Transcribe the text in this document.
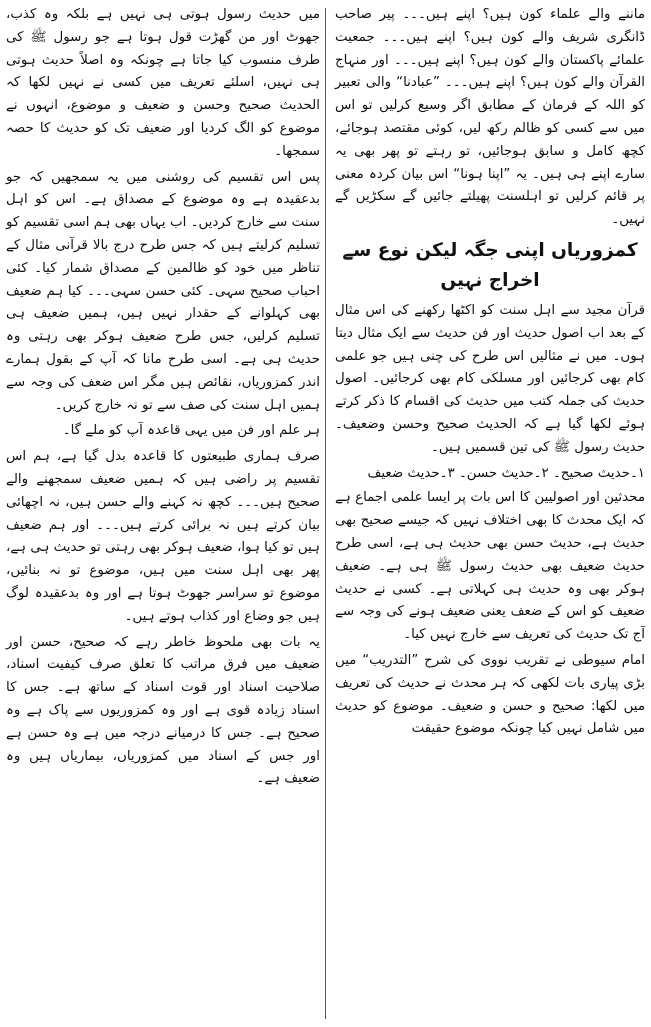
ماننے والے علماء کون ہیں؟ اپنے ہیں۔۔۔ پیر صاحب ڈانگری شریف والے کون ہیں؟ اپنے ہیں۔۔۔ جمعیت علمائے پاکستان والے کون ہیں؟ اپنے ہیں۔۔۔ اور منہاج القرآن والے کون ہیں؟ اپنے ہیں۔۔۔ ”عبادنا“ والی تعبیر کو اللہ کے فرمان کے مطابق اگر وسیع کرلیں تو اس میں سے کسی کو ظالم رکھ لیں، کوئی مقتصد ہوجائے، کچھ کامل و سابق ہوجائیں، تو رہتے تو پھر بھی یہ سارے اپنے ہی ہیں۔ یہ ”اپنا ہونا“ اس بیان کردہ معنی پر قائم کرلیں تو اہلسنت پھیلتے جائیں گے سکڑیں گے نہیں۔

کمزوریاں اپنی جگہ لیکن نوع سے اخراج نہیں

قرآن مجید سے اہل سنت کو اکٹھا رکھنے کی اس مثال کے بعد اب اصول حدیث اور فن حدیث سے ایک مثال دیتا ہوں۔ میں نے مثالیں اس طرح کی چنی ہیں جو علمی کام بھی کرجائیں اور مسلکی کام بھی کرجائیں۔ اصول حدیث کی جملہ کتب میں حدیث کی اقسام کا ذکر کرتے ہوئے لکھا گیا ہے کہ الحدیث صحیح وحسن وضعیف۔ حدیث رسول ﷺ کی تین قسمیں ہیں۔

۱۔حدیث صحیح۔ ۲۔حدیث حسن۔ ۳۔حدیث ضعیف

محدثین اور اصولیین کا اس بات پر ایسا علمی اجماع ہے کہ ایک محدث کا بھی اختلاف نہیں کہ جیسے صحیح بھی حدیث ہے، حدیث حسن بھی حدیث ہی ہے، اسی طرح حدیث ضعیف بھی حدیث رسول ﷺ ہی ہے۔ ضعیف ہوکر بھی وہ حدیث ہی کہلاتی ہے۔ کسی نے حدیث ضعیف کو اس کے ضعف یعنی ضعیف ہونے کی وجہ سے آج تک حدیث کی تعریف سے خارج نہیں کیا۔

امام سیوطی نے تقریب نووی کی شرح ”التدریب“ میں بڑی پیاری بات لکھی کہ ہر محدث نے حدیث کی تعریف میں لکھا: صحیح و حسن و ضعیف۔ موضوع کو حدیث میں شامل نہیں کیا چونکہ موضوع حقیقت

میں حدیث رسول ہوتی ہی نہیں ہے بلکہ وہ کذب، جھوٹ اور من گھڑت قول ہوتا ہے جو رسول ﷺ کی طرف منسوب کیا جاتا ہے چونکہ وہ اصلاً حدیث ہوتی ہی نہیں، اسلئے تعریف میں کسی نے نہیں لکھا کہ الحدیث صحیح وحسن و ضعیف و موضوع، انہوں نے موضوع کو الگ کردیا اور ضعیف تک کو حدیث کا حصہ سمجھا۔

پس اس تقسیم کی روشنی میں یہ سمجھیں کہ جو بدعقیدہ ہے وہ موضوع کے مصداق ہے۔ اس کو اہل سنت سے خارج کردیں۔ اب یہاں بھی ہم اسی تقسیم کو تسلیم کرلیتے ہیں کہ جس طرح درج بالا قرآنی مثال کے تناظر میں خود کو ظالمین کے مصداق شمار کیا۔ کئی احباب صحیح سہی۔ کئی حسن سہی۔۔۔ کیا ہم ضعیف بھی کہلوانے کے حقدار نہیں ہیں، ہمیں ضعیف ہی تسلیم کرلیں، جس طرح ضعیف ہوکر بھی رہتی وہ حدیث ہی ہے۔ اسی طرح مانا کہ آپ کے بقول ہمارے اندر کمزوریاں، نقائص ہیں مگر اس ضعف کی وجہ سے ہمیں اہل سنت کی صف سے تو نہ خارج کریں۔

ہر علم اور فن میں یہی قاعدہ آپ کو ملے گا۔

صرف ہماری طبیعتوں کا قاعدہ بدل گیا ہے، ہم اس تقسیم پر راضی ہیں کہ ہمیں ضعیف سمجھنے والے صحیح ہیں۔۔۔ کچھ نہ کہنے والے حسن ہیں، نہ اچھائی بیان کرتے ہیں نہ برائی کرتے ہیں۔۔۔ اور ہم ضعیف ہیں تو کیا ہوا، ضعیف ہوکر بھی رہتی تو حدیث ہی ہے، پھر بھی اہل سنت میں ہیں، موضوع تو نہ بنائیں، موضوع تو سراسر جھوٹ ہوتا ہے اور وہ بدعقیدہ لوگ ہیں جو وضاع اور کذاب ہوتے ہیں۔

یہ بات بھی ملحوظ خاطر رہے کہ صحیح، حسن اور ضعیف میں فرق مراتب کا تعلق صرف کیفیت اسناد، صلاحیت اسناد اور قوت اسناد کے ساتھ ہے۔ جس کا اسناد زیادہ قوی ہے اور وہ کمزوریوں سے پاک ہے وہ صحیح ہے۔ جس کا درمیانے درجہ میں ہے وہ حسن ہے اور جس کے اسناد میں کمزوریاں، بیماریاں ہیں وہ ضعیف ہے۔
